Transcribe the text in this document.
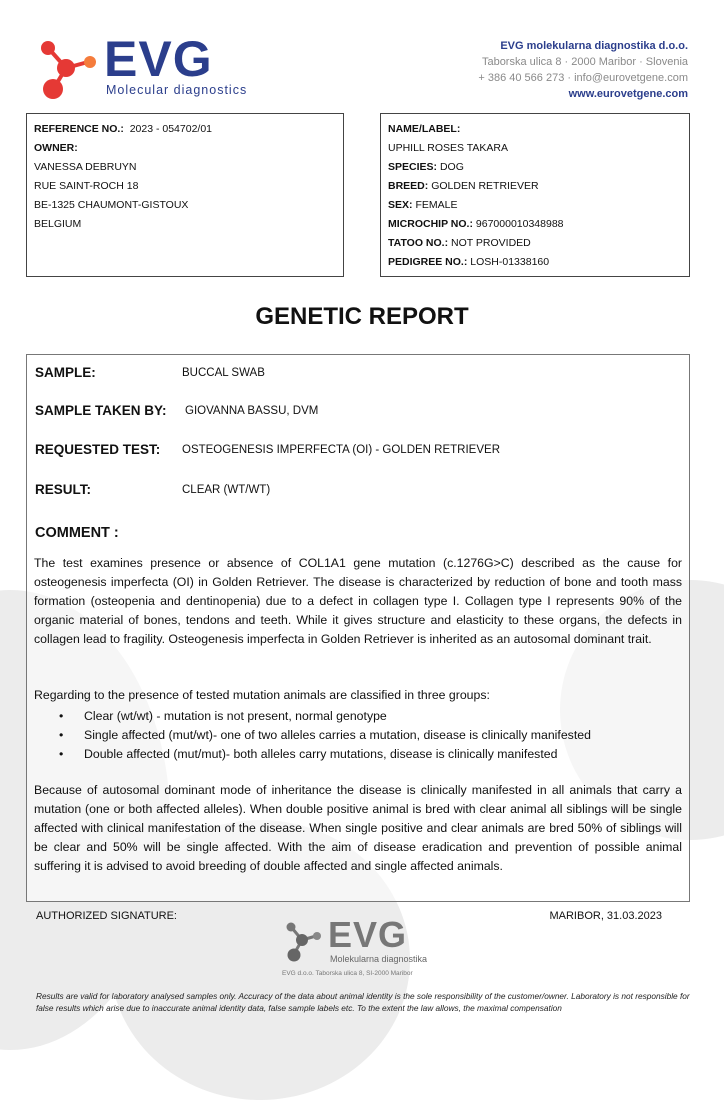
EVG
Molecular diagnostics
EVG molekularna diagnostika d.o.o.
Taborska ulica 8 · 2000 Maribor · Slovenia
+ 386 40 566 273 · info@eurovetgene.com
www.eurovetgene.com
REFERENCE NO.: 2023 - 054702/01
OWNER:
VANESSA DEBRUYN
RUE SAINT-ROCH 18
BE-1325 CHAUMONT-GISTOUX
BELGIUM
NAME/LABEL:
UPHILL ROSES TAKARA
SPECIES: DOG
BREED: GOLDEN RETRIEVER
SEX: FEMALE
MICROCHIP NO.: 967000010348988
TATOO NO.: NOT PROVIDED
PEDIGREE NO.: LOSH-01338160
GENETIC REPORT
SAMPLE:	BUCCAL SWAB
SAMPLE TAKEN BY: GIOVANNA BASSU, DVM
REQUESTED TEST: OSTEOGENESIS IMPERFECTA (OI) - GOLDEN RETRIEVER
RESULT:	CLEAR (WT/WT)
COMMENT :
The test examines presence or absence of COL1A1 gene mutation (c.1276G>C) described as the cause for osteogenesis imperfecta (OI) in Golden Retriever. The disease is characterized by reduction of bone and tooth mass formation (osteopenia and dentinopenia) due to a defect in collagen type I. Collagen type I represents 90% of the organic material of bones, tendons and teeth. While it gives structure and elasticity to these organs, the defects in collagen lead to fragility. Osteogenesis imperfecta in Golden Retriever is inherited as an autosomal dominant trait.
Regarding to the presence of tested mutation animals are classified in three groups:
• Clear (wt/wt) - mutation is not present, normal genotype
• Single affected (mut/wt)- one of two alleles carries a mutation, disease is clinically manifested
• Double affected (mut/mut)- both alleles carry mutations, disease is clinically manifested
Because of autosomal dominant mode of inheritance the disease is clinically manifested in all animals that carry a mutation (one or both affected alleles). When double positive animal is bred with clear animal all siblings will be single affected with clinical manifestation of the disease. When single positive and clear animals are bred 50% of siblings will be clear and 50% will be single affected. With the aim of disease eradication and prevention of possible animal suffering it is advised to avoid breeding of double affected and single affected animals.
AUTHORIZED SIGNATURE:	MARIBOR, 31.03.2023
EVG
Molekularna diagnostika
EVG d.o.o. Taborska ulica 8, SI-2000 Maribor
Results are valid for laboratory analysed samples only. Accuracy of the data about animal identity is the sole responsibility of the customer/owner. Laboratory is not responsible for false results which arise due to inaccurate animal identity data, false sample labels etc. To the extent the law allows, the maximal compensation
